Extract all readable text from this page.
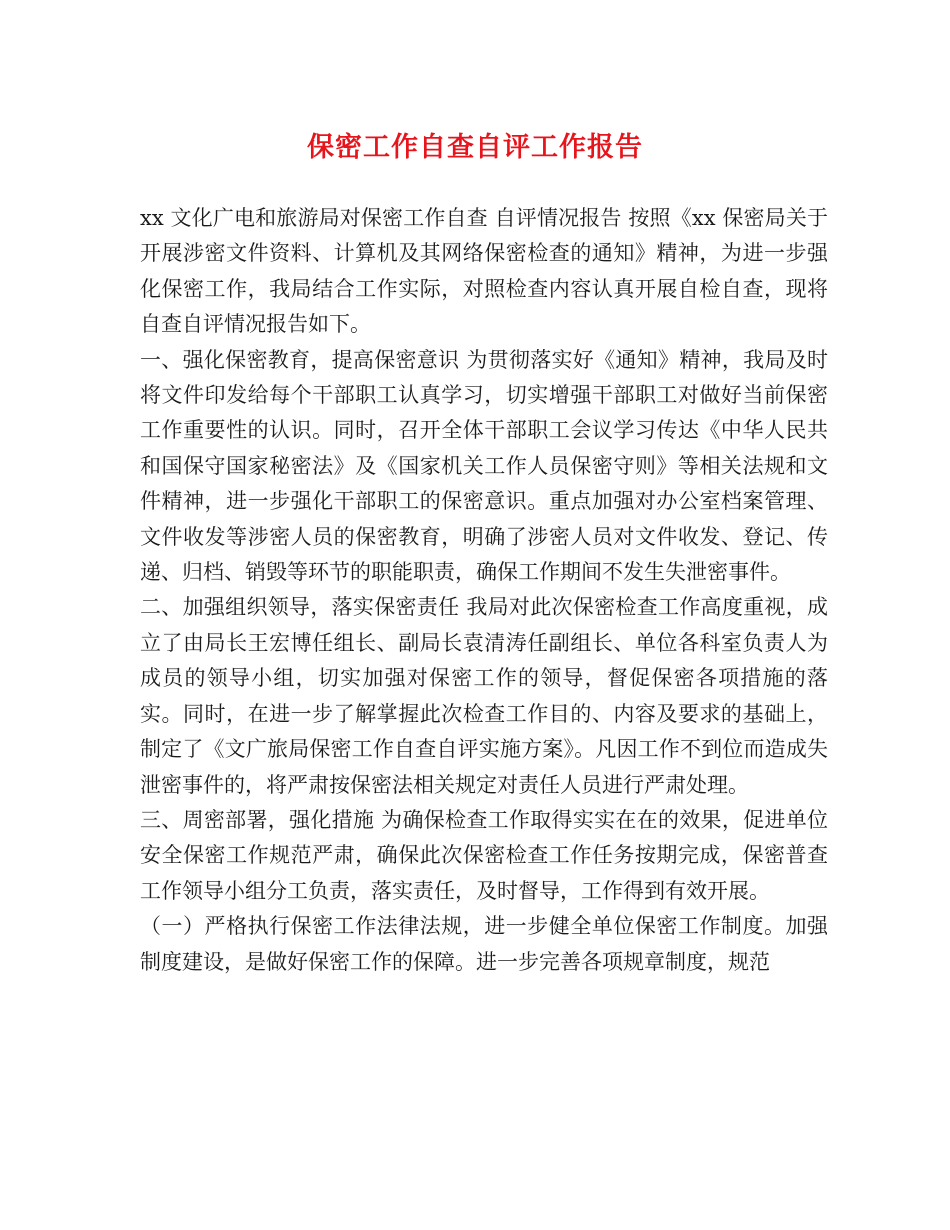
保密工作自查自评工作报告

xx 文化广电和旅游局对保密工作自查 自评情况报告 按照《xx 保密局关于开展涉密文件资料、计算机及其网络保密检查的通知》精神，为进一步强化保密工作，我局结合工作实际，对照检查内容认真开展自检自查，现将自查自评情况报告如下。

一、强化保密教育，提高保密意识 为贯彻落实好《通知》精神，我局及时将文件印发给每个干部职工认真学习，切实增强干部职工对做好当前保密工作重要性的认识。同时，召开全体干部职工会议学习传达《中华人民共和国保守国家秘密法》及《国家机关工作人员保密守则》等相关法规和文件精神，进一步强化干部职工的保密意识。重点加强对办公室档案管理、文件收发等涉密人员的保密教育，明确了涉密人员对文件收发、登记、传递、归档、销毁等环节的职能职责，确保工作期间不发生失泄密事件。

二、加强组织领导，落实保密责任 我局对此次保密检查工作高度重视，成立了由局长王宏博任组长、副局长袁清涛任副组长、单位各科室负责人为成员的领导小组，切实加强对保密工作的领导，督促保密各项措施的落实。同时，在进一步了解掌握此次检查工作目的、内容及要求的基础上，制定了《文广旅局保密工作自查自评实施方案》。凡因工作不到位而造成失泄密事件的，将严肃按保密法相关规定对责任人员进行严肃处理。

三、周密部署，强化措施 为确保检查工作取得实实在在的效果，促进单位安全保密工作规范严肃，确保此次保密检查工作任务按期完成，保密普查工作领导小组分工负责，落实责任，及时督导，工作得到有效开展。

（一）严格执行保密工作法律法规，进一步健全单位保密工作制度。加强制度建设，是做好保密工作的保障。进一步完善各项规章制度，规范
